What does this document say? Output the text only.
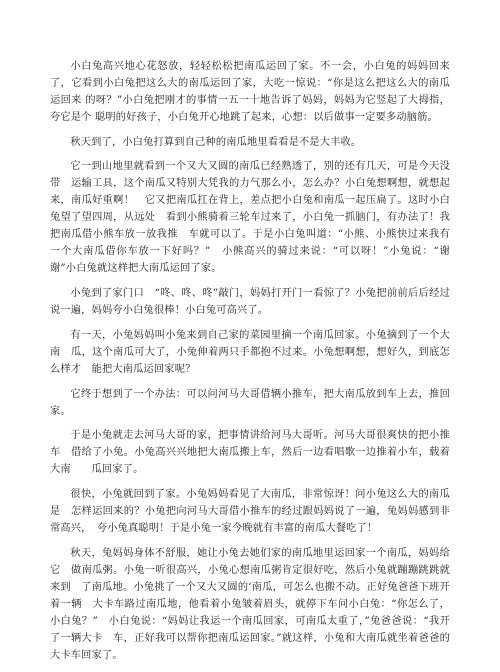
小白兔高兴地心花怒放，轻轻松松把南瓜运回了家。不一会，小白兔的妈妈回来了，它看到小白兔把这么大的南瓜运回了家，大吃一惊说：“你是这么把这么大的南瓜运回来 的呀？”小白兔把刚才的事情一五一十地告诉了妈妈，妈妈为它竖起了大拇指，夸它是个 聪明的好孩子，小白兔开心地跳了起来，心想：以后做事一定要多动脑筋。

秋天到了，小白兔打算到自己种的南瓜地里看看是不是大丰收。

它一到山地里就看到一个又大又圆的南瓜已经熟透了，别的还有几天，可是今天没带　运输工具，这个南瓜又特别大凭我的力气那么小，怎么办？小白兔想啊想，就想起来，南瓜好重啊！　它又把南瓜扛在背上，差点把小白兔和南瓜一起压扁了。这时小白兔望了望四周，从远处　看到小熊骑着三轮车过来了，小白兔一抓脑门，有办法了！我把南瓜借小熊车放一放我推　车就可以了。于是小白兔叫道：“小熊、小熊快过来我有一个大南瓜借你车放一下好吗？”　小熊高兴的骑过来说：“可以呀！”小兔说：“谢谢”小白兔就这样把大南瓜运回了家。

小兔到了家门口　“咚、咚、咚”敲门，妈妈打开门一看惊了？小兔把前前后后经过　说一遍，妈妈夸小白兔很棒！小白兔可高兴了。

有一天，小兔妈妈叫小兔来到自己家的菜园里摘一个南瓜回家。小兔摘到了一个大南　瓜，这个南瓜可大了，小兔伸着两只手都抱不过来。小兔想啊想，想好久，到底怎么样才　能把大南瓜运回家呢？

它终于想到了一个办法：可以问河马大哥借辆小推车，把大南瓜放到车上去，推回家。

于是小兔就走去河马大哥的家，把事情讲给河马大哥听。河马大哥很爽快的把小推车　借给了小兔。小兔高兴兴地把大南瓜搬上车，然后一边看唱歌一边推着小车，载着大南　　瓜回家了。

很快，小兔就回到了家。小兔妈妈看见了大南瓜，非常惊讶！问小兔这么大的南瓜是　怎样运回来的？小兔把向河马大哥借小推车的经过跟妈妈说了一遍，兔妈妈感到非常高兴，　夸小兔真聪明！于是小兔一家今晚就有丰富的南瓜大餐吃了！

秋天，兔妈妈身体不舒服，她让小兔去她们家的南瓜地里运回家一个南瓜，妈妈给它　做南瓜粥。小兔一听很高兴，小兔心想南瓜粥肯定很好吃，然后小兔就蹦蹦跳跳就来到　了南瓜地。小兔挑了一个又大又圆的‘南瓜，可怎么也搬不动。正好兔爸爸下班开着一辆　大卡车路过南瓜地，他看着小兔皱着眉头，就停下车问小白兔：“你怎么了，小白兔？”　小白兔说：“妈妈让我运一个南瓜回家，可南瓜太重了，”兔爸爸说：“我开了一辆大卡　车，正好我可以帮你把南瓜运回家。”就这样，小兔和大南瓜就坐着爸爸的大卡车回家了。
